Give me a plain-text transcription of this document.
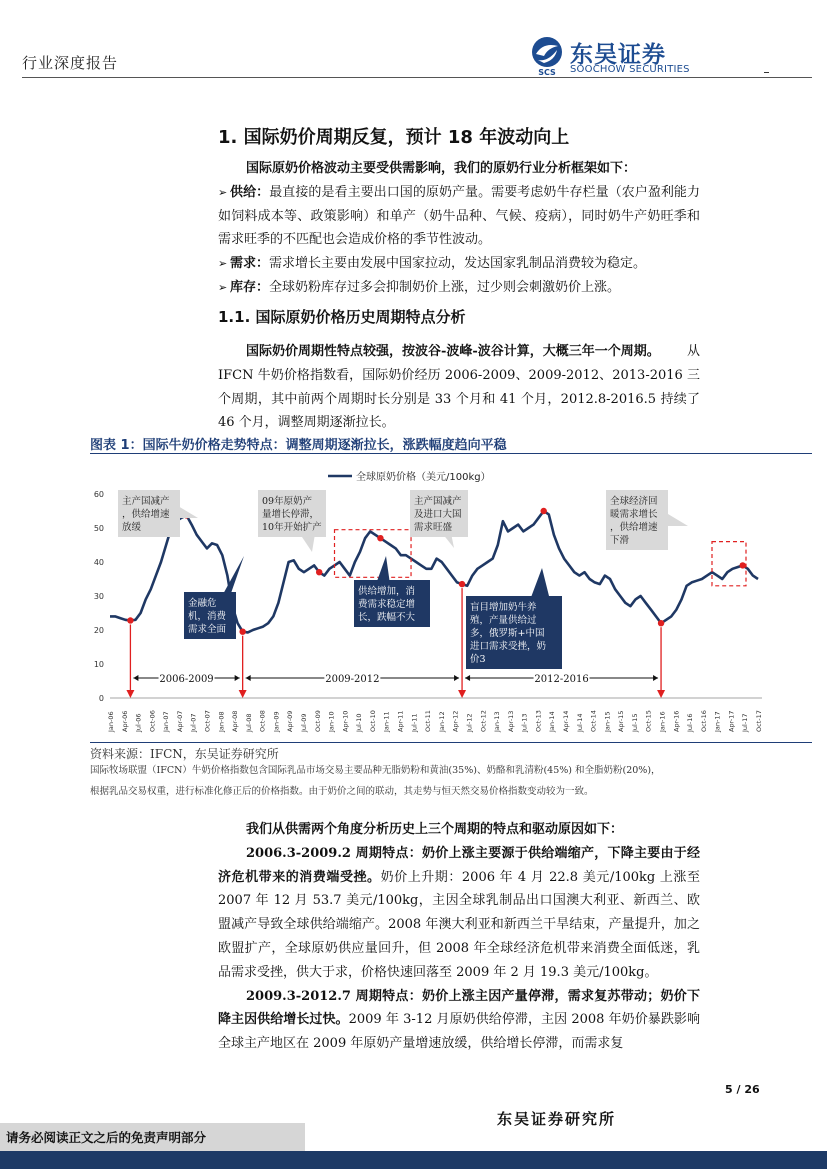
行业深度报告
SCS
东吴证券
SOOCHOW SECURITIES
1. 国际奶价周期反复，预计 18 年波动向上
国际原奶价格波动主要受供需影响，我们的原奶行业分析框架如下：
➢ 供给：最直接的是看主要出口国的原奶产量。需要考虑奶牛存栏量（农户盈利能力如饲料成本等、政策影响）和单产（奶牛品种、气候、疫病），同时奶牛产奶旺季和需求旺季的不匹配也会造成价格的季节性波动。
➢ 需求：需求增长主要由发展中国家拉动，发达国家乳制品消费较为稳定。
➢ 库存：全球奶粉库存过多会抑制奶价上涨，过少则会刺激奶价上涨。
1.1. 国际原奶价格历史周期特点分析
国际奶价周期性特点较强，按波谷-波峰-波谷计算，大概三年一个周期。从 IFCN 牛奶价格指数看，国际奶价经历 2006-2009、2009-2012、2013-2016 三个周期，其中前两个周期时长分别是 33 个月和 41 个月，2012.8-2016.5 持续了 46 个月，调整周期逐渐拉长。
图表 1：国际牛奶价格走势特点：调整周期逐渐拉长，涨跌幅度趋向平稳
全球原奶价格（美元/100kg）
0
10
20
30
40
50
60
Jan-06 Apr-06 Jul-06 Oct-06 Jan-07 Apr-07 Jul-07 Oct-07 Jan-08 Apr-08 Jul-08 Oct-08 Jan-09 Apr-09 Jul-09 Oct-09 Jan-10 Apr-10 Jul-10 Oct-10 Jan-11 Apr-11 Jul-11 Oct-11 Jan-12 Apr-12 Jul-12 Oct-12 Jan-13 Apr-13 Jul-13 Oct-13 Jan-14 Apr-14 Jul-14 Oct-14 Jan-15 Apr-15 Jul-15 Oct-15 Jan-16 Apr-16 Jul-16 Oct-16 Jan-17 Apr-17 Jul-17 Oct-17
2006-2009	2009-2012	2012-2016
主产国减产
，供给增速
放缓
09年原奶产
量增长停滞，
10年开始扩产
主产国减产
及进口大国
需求旺盛
全球经济回
暖需求增长
，供给增速
下滑
金融危
机，消费
需求全面
供给增加，消
费需求稳定增
长，跌幅不大
盲目增加奶牛养
殖，产量供给过
多，俄罗斯+中国
进口需求受挫，奶
价3
资料来源：IFCN，东吴证券研究所
国际牧场联盟（IFCN）牛奶价格指数包含国际乳品市场交易主要品种无脂奶粉和黄油(35%)、奶酪和乳清粉(45%) 和全脂奶粉(20%)，
根据乳品交易权重，进行标准化修正后的价格指数。由于奶价之间的联动，其走势与恒天然交易价格指数变动较为一致。
我们从供需两个角度分析历史上三个周期的特点和驱动原因如下：
2006.3-2009.2 周期特点：奶价上涨主要源于供给端缩产，下降主要由于经济危机带来的消费端受挫。奶价上升期：2006 年 4 月 22.8 美元/100kg 上涨至 2007 年 12 月 53.7 美元/100kg，主因全球乳制品出口国澳大利亚、新西兰、欧盟减产导致全球供给端缩产。2008 年澳大利亚和新西兰干旱结束，产量提升，加之欧盟扩产，全球原奶供应量回升，但 2008 年全球经济危机带来消费全面低迷，乳品需求受挫，供大于求，价格快速回落至 2009 年 2 月 19.3 美元/100kg。
2009.3-2012.7 周期特点：奶价上涨主因产量停滞，需求复苏带动；奶价下降主因供给增长过快。2009 年 3-12 月原奶供给停滞，主因 2008 年奶价暴跌影响全球主产地区在 2009 年原奶产量增速放缓，供给增长停滞，而需求复
5 / 26
东吴证券研究所
请务必阅读正文之后的免责声明部分
